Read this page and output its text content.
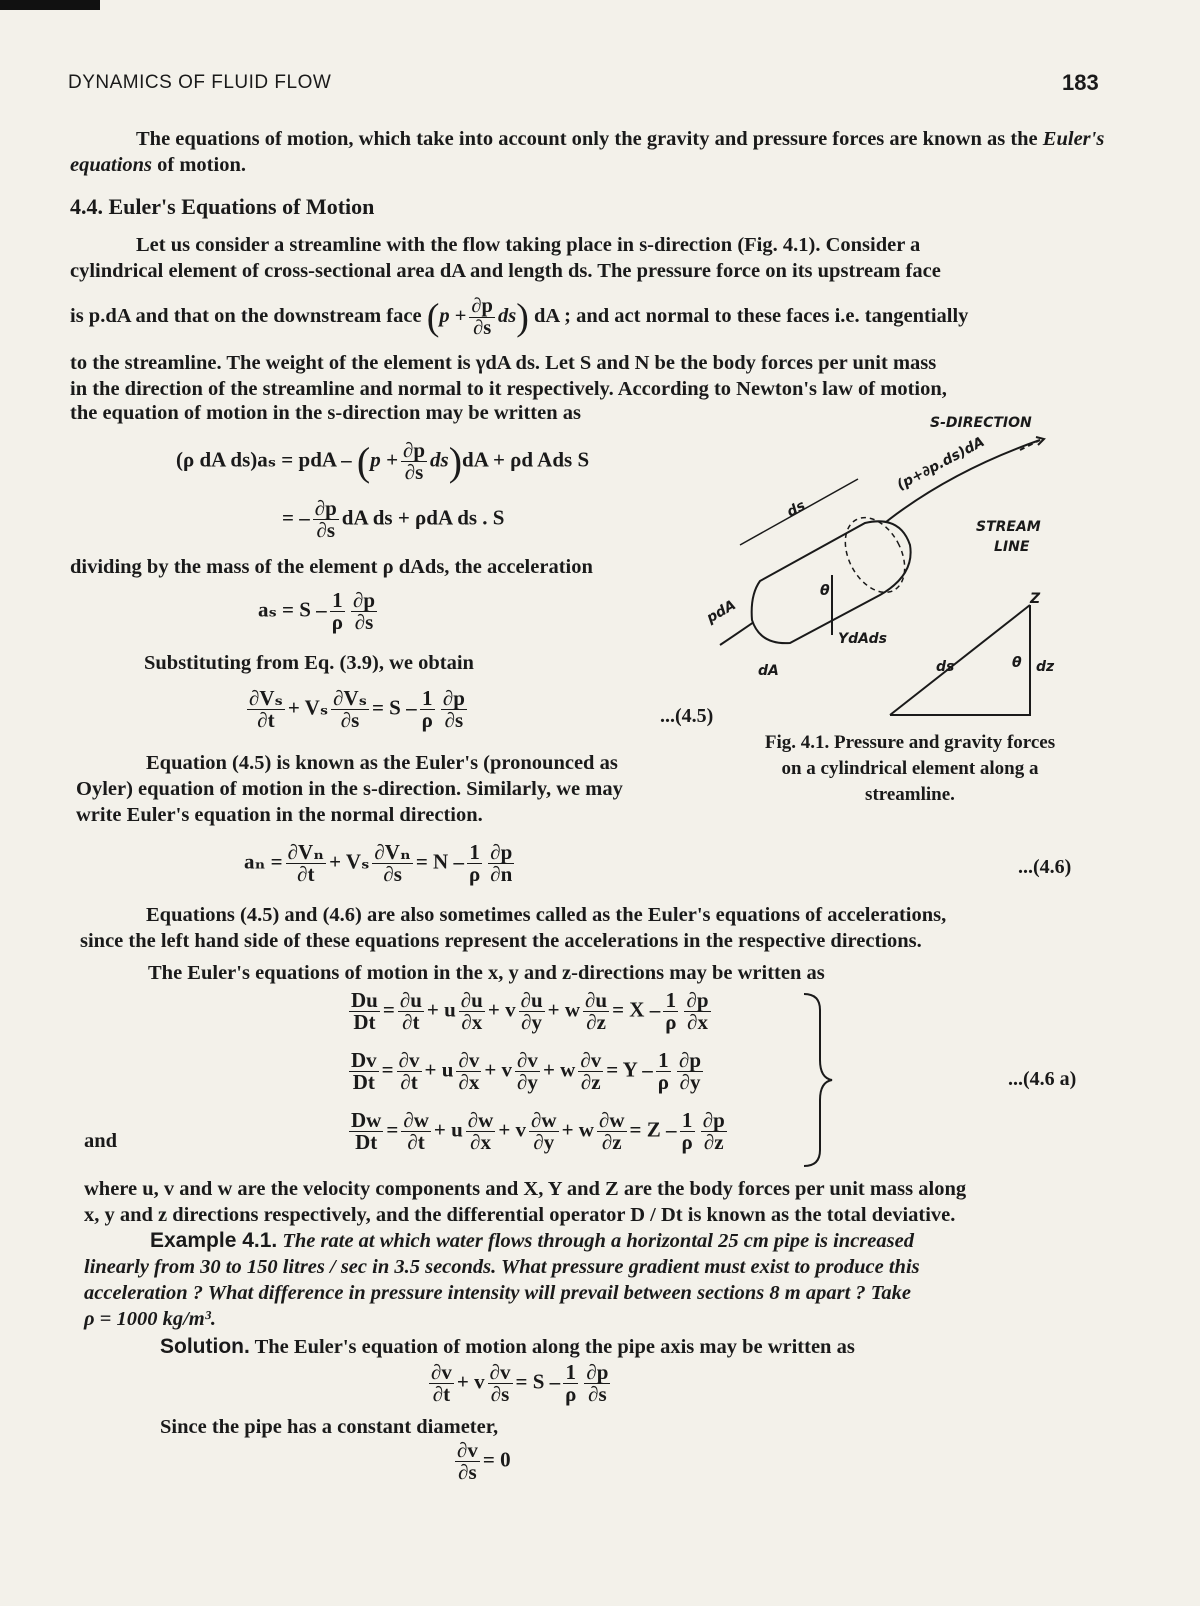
DYNAMICS OF FLUID FLOW	183
The equations of motion, which take into account only the gravity and pressure forces are known as the Euler's equations of motion.
4.4. Euler's Equations of Motion
Let us consider a streamline with the flow taking place in s-direction (Fig. 4.1). Consider a
cylindrical element of cross-sectional area dA and length ds. The pressure force on its upstream face
is p.dA and that on the downstream face $(p + \frac{\partial p}{\partial s} ds)$ dA ; and act normal to these faces i.e. tangentially
to the streamline. The weight of the element is γdA ds. Let S and N be the body forces per unit mass
in the direction of the streamline and normal to it respectively. According to Newton's law of motion,
the equation of motion in the s-direction may be written as
(ρ dA ds)aₛ = pdA – $(p + \frac{\partial p}{\partial s} ds)dA + \rho d$ Ads S
= – $\frac{\partial p}{\partial s}$ dA ds + ρdA ds . S
dividing by the mass of the element ρ dAds, the acceleration
$a_s = S - \frac{1}{\rho} \frac{\partial p}{\partial s}$
Substituting from Eq. (3.9), we obtain
$\frac{\text{∂Vₛ}}{\partial t} + V_s \frac{\text{∂Vₛ}}{\partial s} = S - \frac{1}{\rho} \frac{\partial p}{\partial s}$	...(4.5)
Equation (4.5) is known as the Euler's (pronounced as
Oyler) equation of motion in the s-direction. Similarly, we may
write Euler's equation in the normal direction.
$a_n = \frac{\text{∂Vₙ}}{\partial t} + V_s \frac{\text{∂Vₙ}}{\partial s} = N - \frac{1}{\rho} \frac{\partial p}{\partial n}$	...(4.6)
Equations (4.5) and (4.6) are also sometimes called as the Euler's equations of accelerations,
since the left hand side of these equations represent the accelerations in the respective directions.
The Euler's equations of motion in the x, y and z-directions may be written as
$\frac{Du}{Dt} = \frac{\partial u}{\partial t} + u \frac{\partial u}{\partial x} + v \frac{\partial u}{\partial y} + w \frac{\partial u}{\partial z} = X - \frac{1}{\rho} \frac{\partial p}{\partial x}$
$\frac{Dv}{Dt} = \frac{\partial v}{\partial t} + u \frac{\partial v}{\partial x} + v \frac{\partial v}{\partial y} + w \frac{\partial v}{\partial z} = Y - \frac{1}{\rho} \frac{\partial p}{\partial y}$
and	$\frac{Dw}{Dt} = \frac{\partial w}{\partial t} + u \frac{\partial w}{\partial x} + v \frac{\partial w}{\partial y} + w \frac{\partial w}{\partial z} = Z - \frac{1}{\rho} \frac{\partial p}{\partial z}$
...(4.6 a)
where u, v and w are the velocity components and X, Y and Z are the body forces per unit mass along
x, y and z directions respectively, and the differential operator D / Dt is known as the total deviative.
Example 4.1. The rate at which water flows through a horizontal 25 cm pipe is increased
linearly from 30 to 150 litres / sec in 3.5 seconds. What pressure gradient must exist to produce this
acceleration ? What difference in pressure intensity will prevail between sections 8 m apart ? Take
ρ = 1000 kg/m³.
Solution. The Euler's equation of motion along the pipe axis may be written as
$\frac{\partial v}{\partial t} + v \frac{\partial v}{\partial s} = S - \frac{1}{\rho} \frac{\partial p}{\partial s}$
Since the pipe has a constant diameter,
$\frac{\partial v}{\partial s} = 0$
S-DIRECTION
(p+∂p.ds)dA
STREAM
LINE
ds
pdA
dA
θ
YdAds
Z
ds	θ dz
Fig. 4.1. Pressure and gravity forces on a cylindrical element along a streamline.
